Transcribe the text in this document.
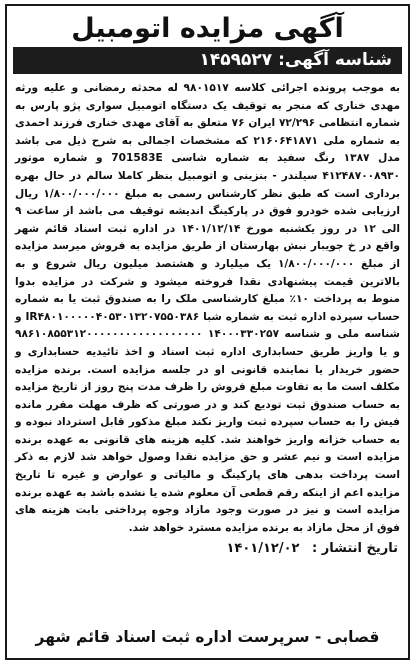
آگهی مزایده اتومبیل
شناسه آگهی: ۱۴۵۹۵۲۷
به موجب پرونده اجرائی کلاسه ۹۸۰۱۵۱۷ له محدثه رمضانی و علیه ورثه مهدی خناری که منجر به توقیف یک دستگاه اتومبیل سواری پژو پارس به شماره انتظامی ۷۲/۲۹۶ ایران ۷۶ متعلق به آقای مهدی خناری فرزند احمدی به شماره ملی ۲۱۶۰۶۴۱۸۷۱ که مشخصات اجمالی به شرح ذیل می باشد مدل ۱۳۸۷ رنگ سفید به شماره شاسی 701583E و شماره موتور ۴۱۲۴۸۷۰۰۸۹۳۰ سیلندر - بنزینی و اتومبیل بنظر کاملا سالم در حال بهره برداری است که طبق نظر کارشناس رسمی به مبلغ ۱/۸۰۰/۰۰۰/۰۰۰ ریال ارزیابی شده خودرو فوق در پارکینگ اندیشه توقیف می باشد از ساعت ۹ الی ۱۲ در روز یکشنبه مورخ ۱۴۰۱/۱۲/۱۴ در اداره ثبت اسناد قائم شهر واقع در خ جویبار نبش بهارستان از طریق مزایده به فروش میرسد مزایده از مبلغ ۱/۸۰۰/۰۰۰/۰۰۰ یک میلیارد و هشتصد میلیون ریال شروع و به بالاترین قیمت پیشنهادی نقدا فروخته میشود و شرکت در مزایده بدوا منوط به پرداخت ۱۰٪ مبلغ کارشناسی ملک را به صندوق ثبت یا به شماره حساب سپرده اداره ثبت به شماره شبا IR۴۸۰۱۰۰۰۰۰۴۰۵۳۰۱۳۲۰۷۵۵۰۳۸۶ و شناسه ملی و شناسه ۱۴۰۰۰۳۳۰۲۵۷ ۹۸۶۱۰۸۵۵۳۱۲۰۰۰۰۰۰۰۰۰۰۰۰۰۰۰۰۰۰ و یا واریز طریق حسابداری اداره ثبت اسناد و اخذ تائیدیه حسابداری و حضور خریدار یا نماینده قانونی او در جلسه مزایده است. برنده مزایده مکلف است ما به تفاوت مبلغ فروش را ظرف مدت پنج روز از تاریخ مزایده به حساب صندوق ثبت تودیع کند و در صورتی که ظرف مهلت مقرر مانده فیش را به حساب سپرده ثبت واریز نکند مبلغ مذکور قابل استرداد نبوده و به حساب خزانه واریز خواهند شد. کلیه هزینه های قانونی به عهده برنده مزایده است و نیم عشر و حق مزایده نقدا وصول خواهد شد لازم به ذکر است پرداخت بدهی های پارکینگ و مالیاتی و عوارض و غیره تا تاریخ مزایده اعم از اینکه رقم قطعی آن معلوم شده یا نشده باشد به عهده برنده مزایده است و نیز در صورت وجود مازاد وجوه پرداختی بابت هزینه های فوق از محل مازاد به برنده مزایده مسترد خواهد شد.
تاریخ انتشار : ۱۴۰۱/۱۲/۰۲
قصابی - سرپرست اداره ثبت اسناد قائم شهر
